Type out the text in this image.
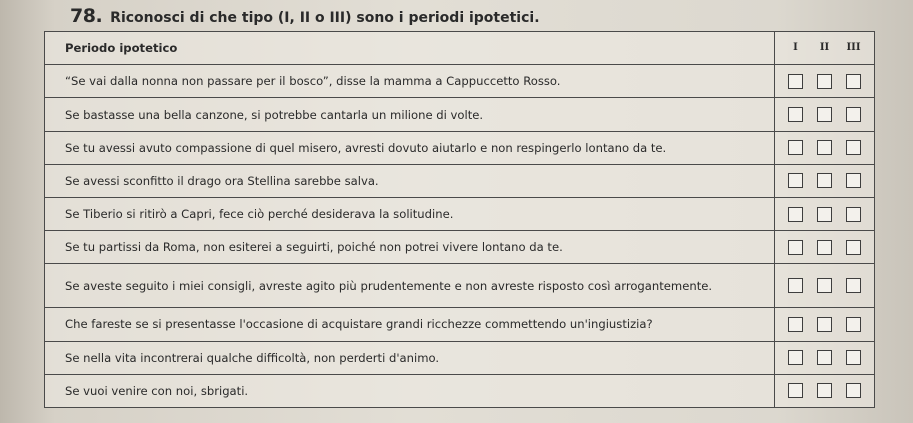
78. Riconosci di che tipo (I, II o III) sono i periodi ipotetici.
Periodo ipotetico	I II III

“Se vai dalla nonna non passare per il bosco”, disse la mamma a Cappuccetto Rosso.	

Se bastasse una bella canzone, si potrebbe cantarla un milione di volte.	

Se tu avessi avuto compassione di quel misero, avresti dovuto aiutarlo e non respingerlo lontano da te.	

Se avessi sconfitto il drago ora Stellina sarebbe salva.	

Se Tiberio si ritirò a Capri, fece ciò perché desiderava la solitudine.	

Se tu partissi da Roma, non esiterei a seguirti, poiché non potrei vivere lontano da te.	

Se aveste seguito i miei consigli, avreste agito più prudentemente e non avreste risposto così arrogantemente.	

Che fareste se si presentasse l'occasione di acquistare grandi ricchezze commettendo un'ingiustizia?	

Se nella vita incontrerai qualche difficoltà, non perderti d'animo.	

Se vuoi venire con noi, sbrigati.	
